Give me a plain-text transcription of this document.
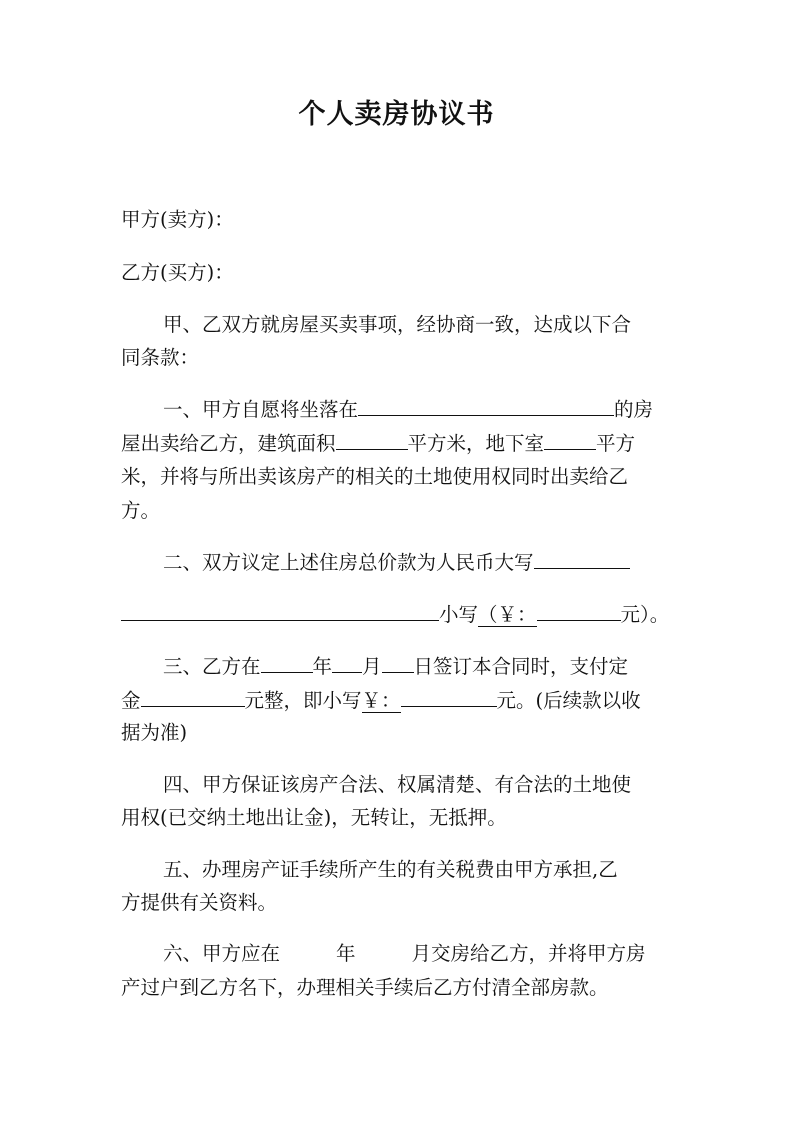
个人卖房协议书
甲方(卖方)：
乙方(买方)：
甲、乙双方就房屋买卖事项，经协商一致，达成以下合
同条款：
一、甲方自愿将坐落在	的房
屋出卖给乙方，建筑面积	平方米，地下室	平方
米，并将与所出卖该房产的相关的土地使用权同时出卖给乙
方。
二、双方议定上述住房总价款为人民币大写
小写（￥：	元）。
三、乙方在	年 月 日签订本合同时，支付定
金	元整，即小写￥：	元。(后续款以收
据为准)
四、甲方保证该房产合法、权属清楚、有合法的土地使
用权(已交纳土地出让金)，无转让，无抵押。
五、办理房产证手续所产生的有关税费由甲方承担,乙
方提供有关资料。
六、甲方应在	年	月交房给乙方，并将甲方房
产过户到乙方名下，办理相关手续后乙方付清全部房款。
